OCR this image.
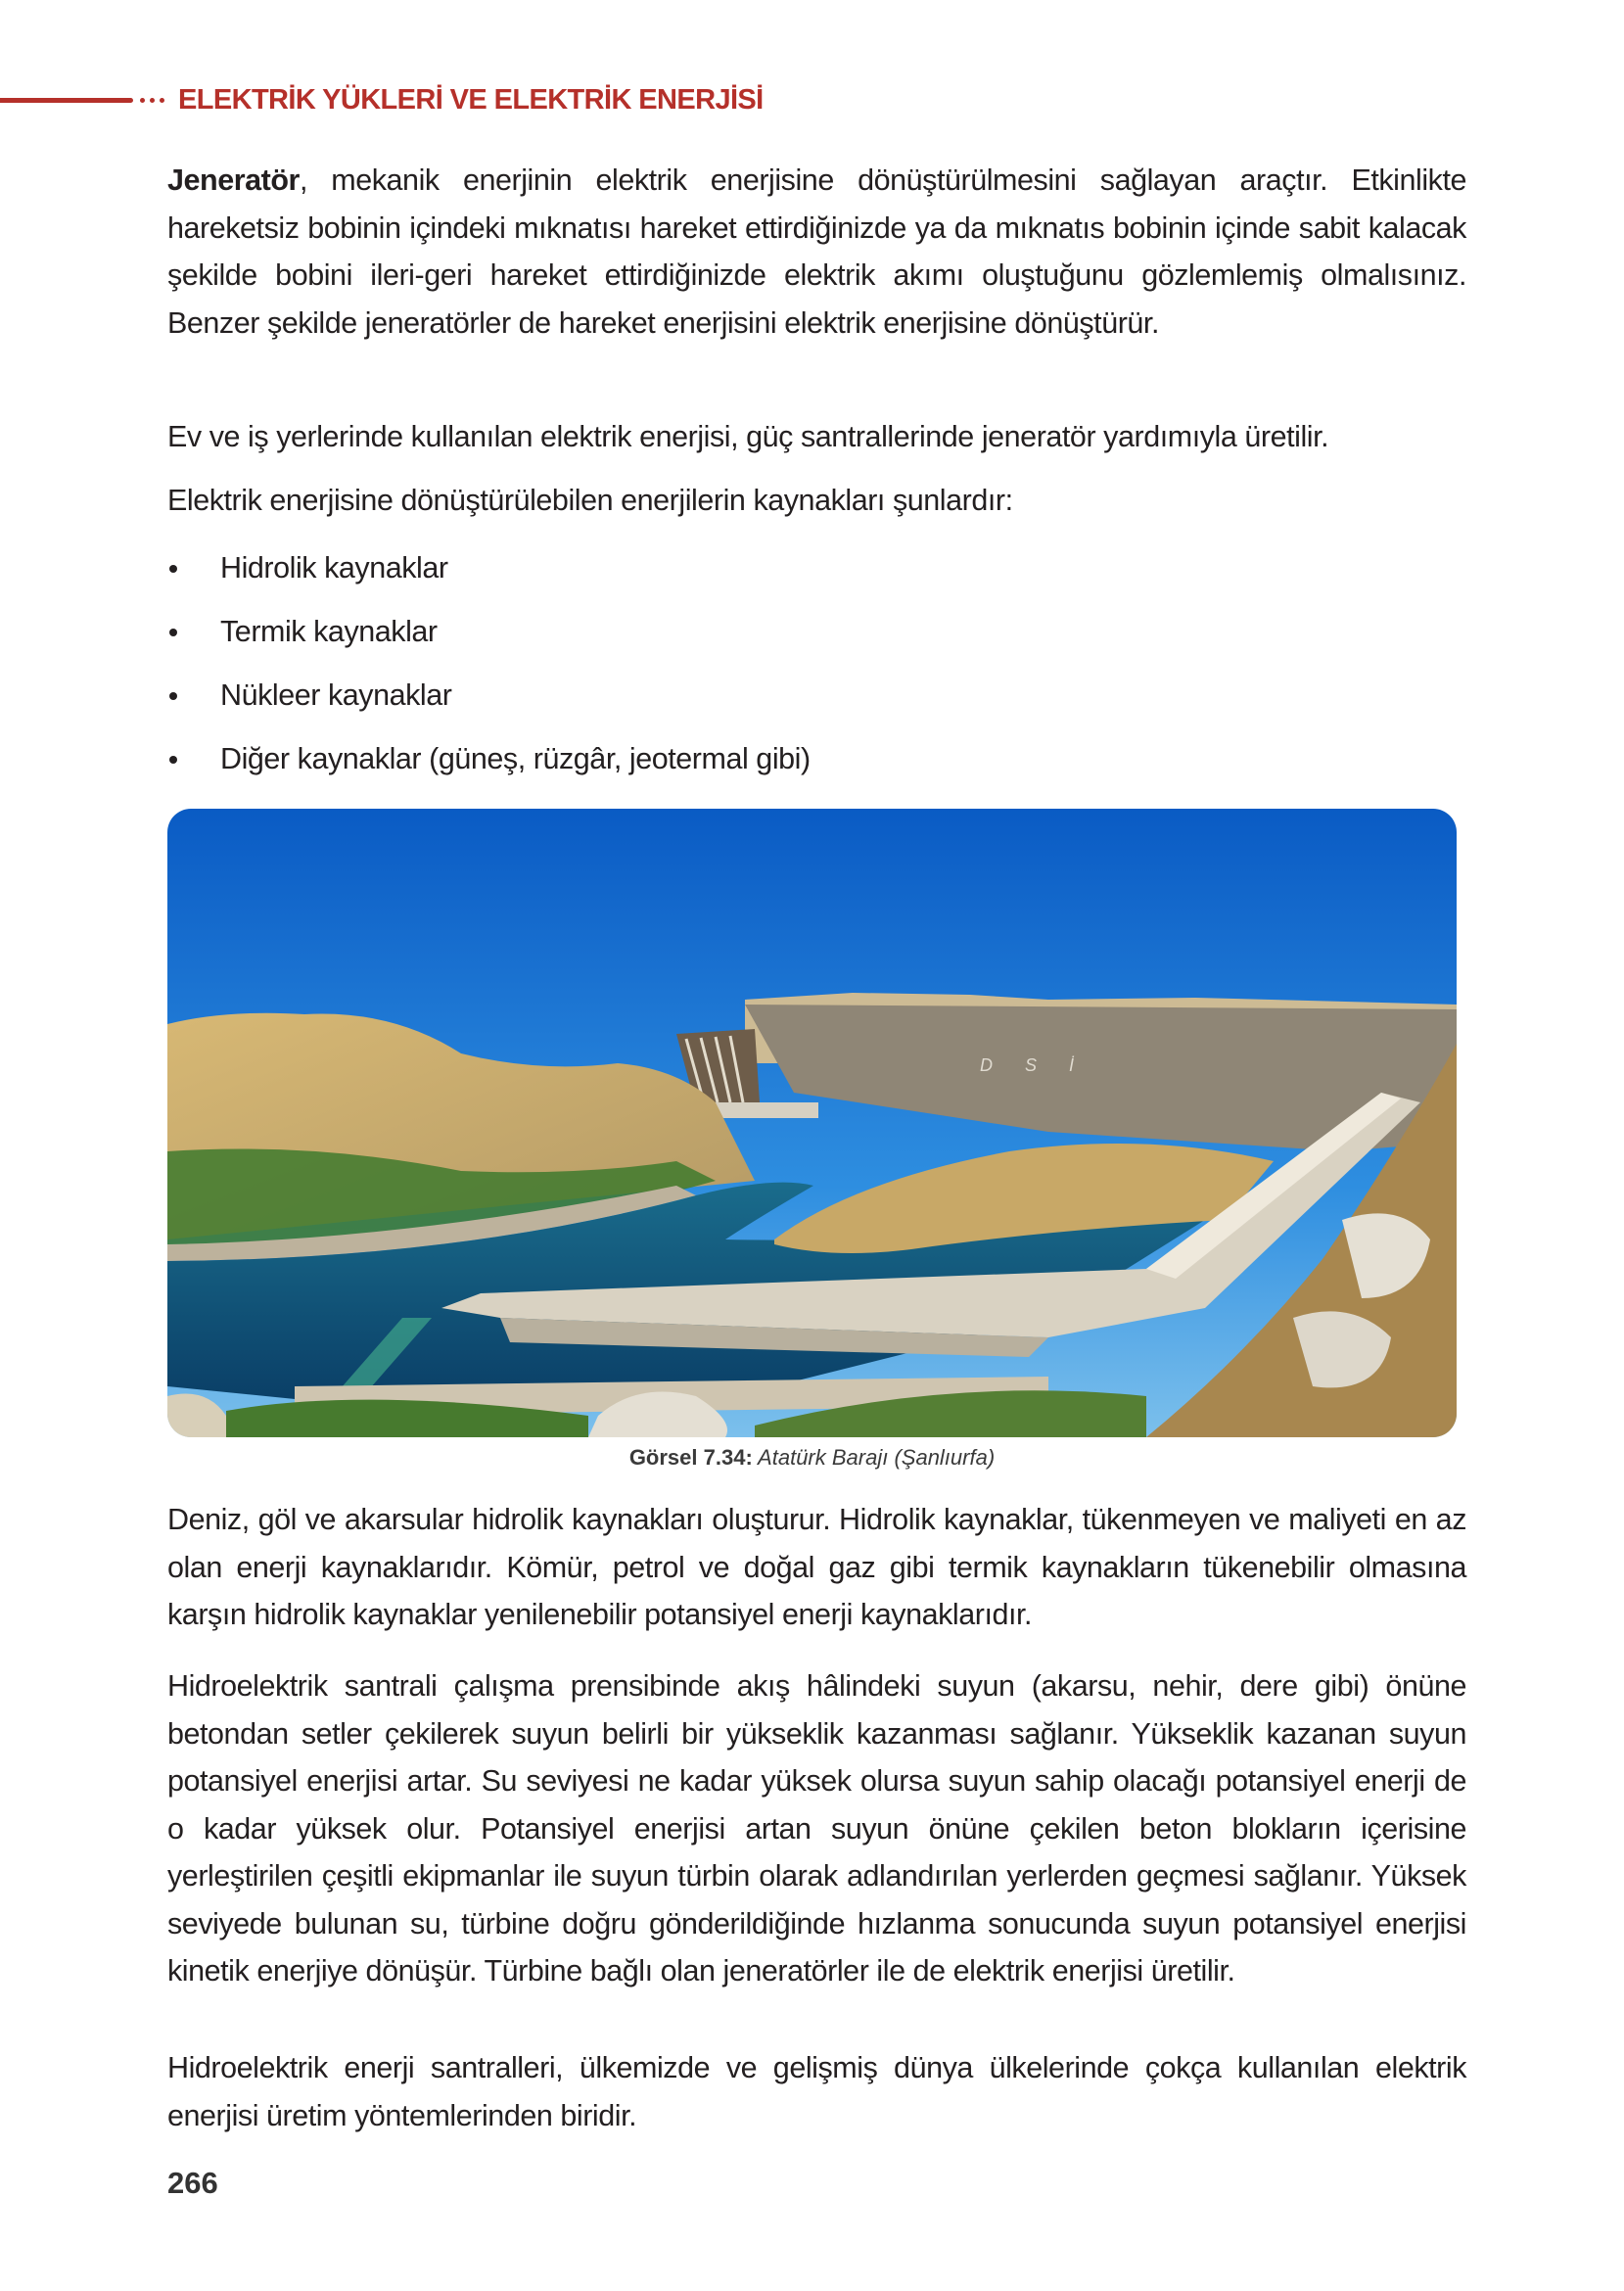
ELEKTRİK YÜKLERİ VE ELEKTRİK ENERJİSİ

Jeneratör, mekanik enerjinin elektrik enerjisine dönüştürülmesini sağlayan araçtır. Etkinlikte hareketsiz bobinin içindeki mıknatısı hareket ettirdiğinizde ya da mıknatıs bobinin içinde sabit kalacak şekilde bobini ileri-geri hareket ettirdiğinizde elektrik akımı oluştuğunu gözlemlemiş olmalısınız. Benzer şekilde jeneratörler de hareket enerjisini elektrik enerjisine dönüştürür.

Ev ve iş yerlerinde kullanılan elektrik enerjisi, güç santrallerinde jeneratör yardımıyla üretilir.

Elektrik enerjisine dönüştürülebilen enerjilerin kaynakları şunlardır:

Hidrolik kaynaklar
Termik kaynaklar
Nükleer kaynaklar
Diğer kaynaklar (güneş, rüzgâr, jeotermal gibi)
D S İ
Görsel 7.34: Atatürk Barajı (Şanlıurfa)

Deniz, göl ve akarsular hidrolik kaynakları oluşturur. Hidrolik kaynaklar, tükenmeyen ve maliyeti en az olan enerji kaynaklarıdır. Kömür, petrol ve doğal gaz gibi termik kaynakların tükenebilir olmasına karşın hidrolik kaynaklar yenilenebilir potansiyel enerji kaynaklarıdır.

Hidroelektrik santrali çalışma prensibinde akış hâlindeki suyun (akarsu, nehir, dere gibi) önüne betondan setler çekilerek suyun belirli bir yükseklik kazanması sağlanır. Yükseklik kazanan suyun potansiyel enerjisi artar. Su seviyesi ne kadar yüksek olursa suyun sahip olacağı potansiyel enerji de o kadar yüksek olur. Potansiyel enerjisi artan suyun önüne çekilen beton blokların içerisine yerleştirilen çeşitli ekipmanlar ile suyun türbin olarak adlandırılan yerlerden geçmesi sağlanır. Yüksek seviyede bulunan su, türbine doğru gönderildiğinde hızlanma sonucunda suyun potansiyel enerjisi kinetik enerjiye dönüşür. Türbine bağlı olan jeneratörler ile de elektrik enerjisi üretilir.

Hidroelektrik enerji santralleri, ülkemizde ve gelişmiş dünya ülkelerinde çokça kullanılan elektrik enerjisi üretim yöntemlerinden biridir.

266
